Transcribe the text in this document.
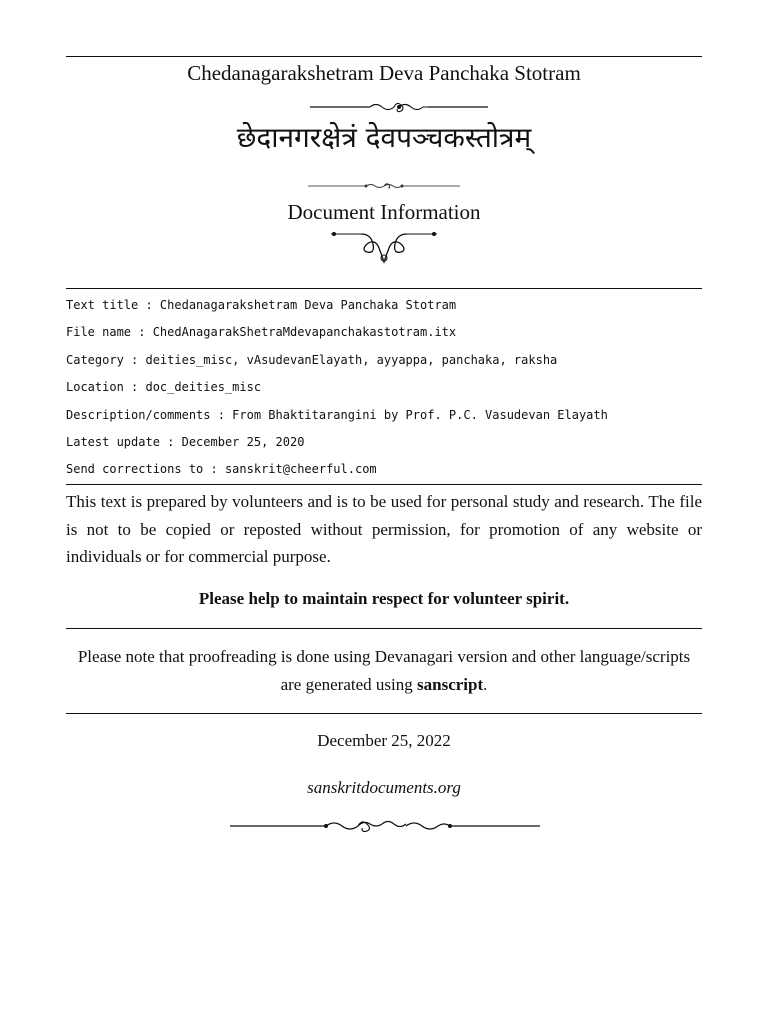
Chedanagarakshetram Deva Panchaka Stotram
छेदानगरक्षेत्रं देवपञ्चकस्तोत्रम्
Document Information
Text title : Chedanagarakshetram Deva Panchaka Stotram
File name : ChedAnagarakShetraMdevapanchakastotram.itx
Category : deities_misc, vAsudevanElayath, ayyappa, panchaka, raksha
Location : doc_deities_misc
Description/comments : From Bhaktitarangini by Prof. P.C. Vasudevan Elayath
Latest update : December 25, 2020
Send corrections to : sanskrit@cheerful.com
This text is prepared by volunteers and is to be used for personal study and research. The file is not to be copied or reposted without permission, for promotion of any website or individuals or for commercial purpose.
Please help to maintain respect for volunteer spirit.
Please note that proofreading is done using Devanagari version and other language/scripts are generated using sanscript.
December 25, 2022
sanskritdocuments.org
